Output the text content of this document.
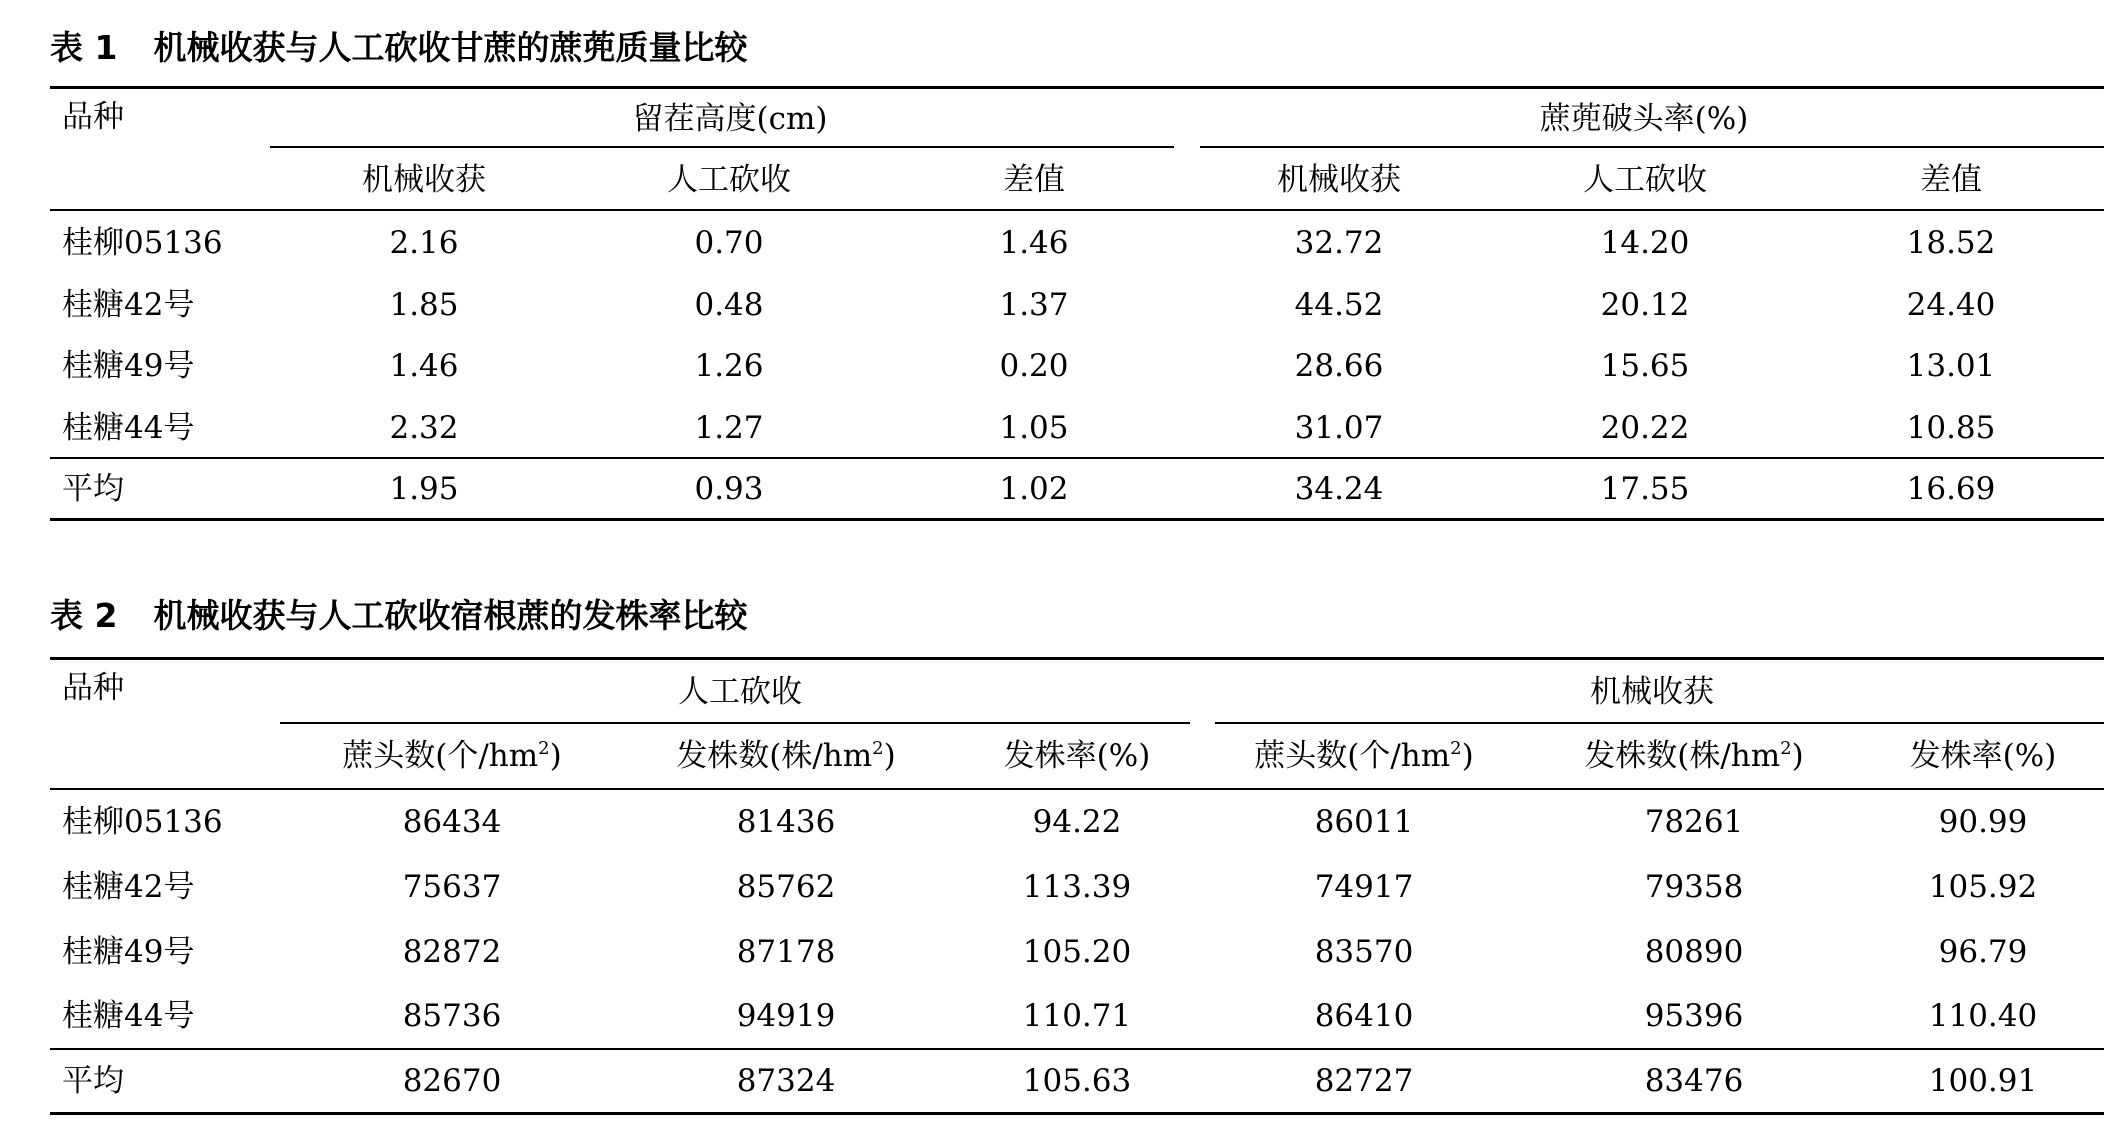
表 1 机械收获与人工砍收甘蔗的蔗蔸质量比较
品种	留茬高度(cm)	蔗蔸破头率(%)
机械收获	人工砍收	差值	机械收获	人工砍收	差值
桂柳05136	2.16	0.70	1.46	32.72	14.20	18.52
桂糖42号	1.85	0.48	1.37	44.52	20.12	24.40
桂糖49号	1.46	1.26	0.20	28.66	15.65	13.01
桂糖44号	2.32	1.27	1.05	31.07	20.22	10.85
平均	1.95	0.93	1.02	34.24	17.55	16.69
表 2 机械收获与人工砍收宿根蔗的发株率比较
品种	人工砍收	机械收获
蔗头数(个$/hm^2$)	发株数(株$/hm^2$)	发株率(%)	蔗头数(个$/hm^2$)	发株数(株$/hm^2$)	发株率(%)
桂柳05136	86434	81436	94.22	86011	78261	90.99
桂糖42号	75637	85762	113.39	74917	79358	105.92
桂糖49号	82872	87178	105.20	83570	80890	96.79
桂糖44号	85736	94919	110.71	86410	95396	110.40
平均	82670	87324	105.63	82727	83476	100.91
